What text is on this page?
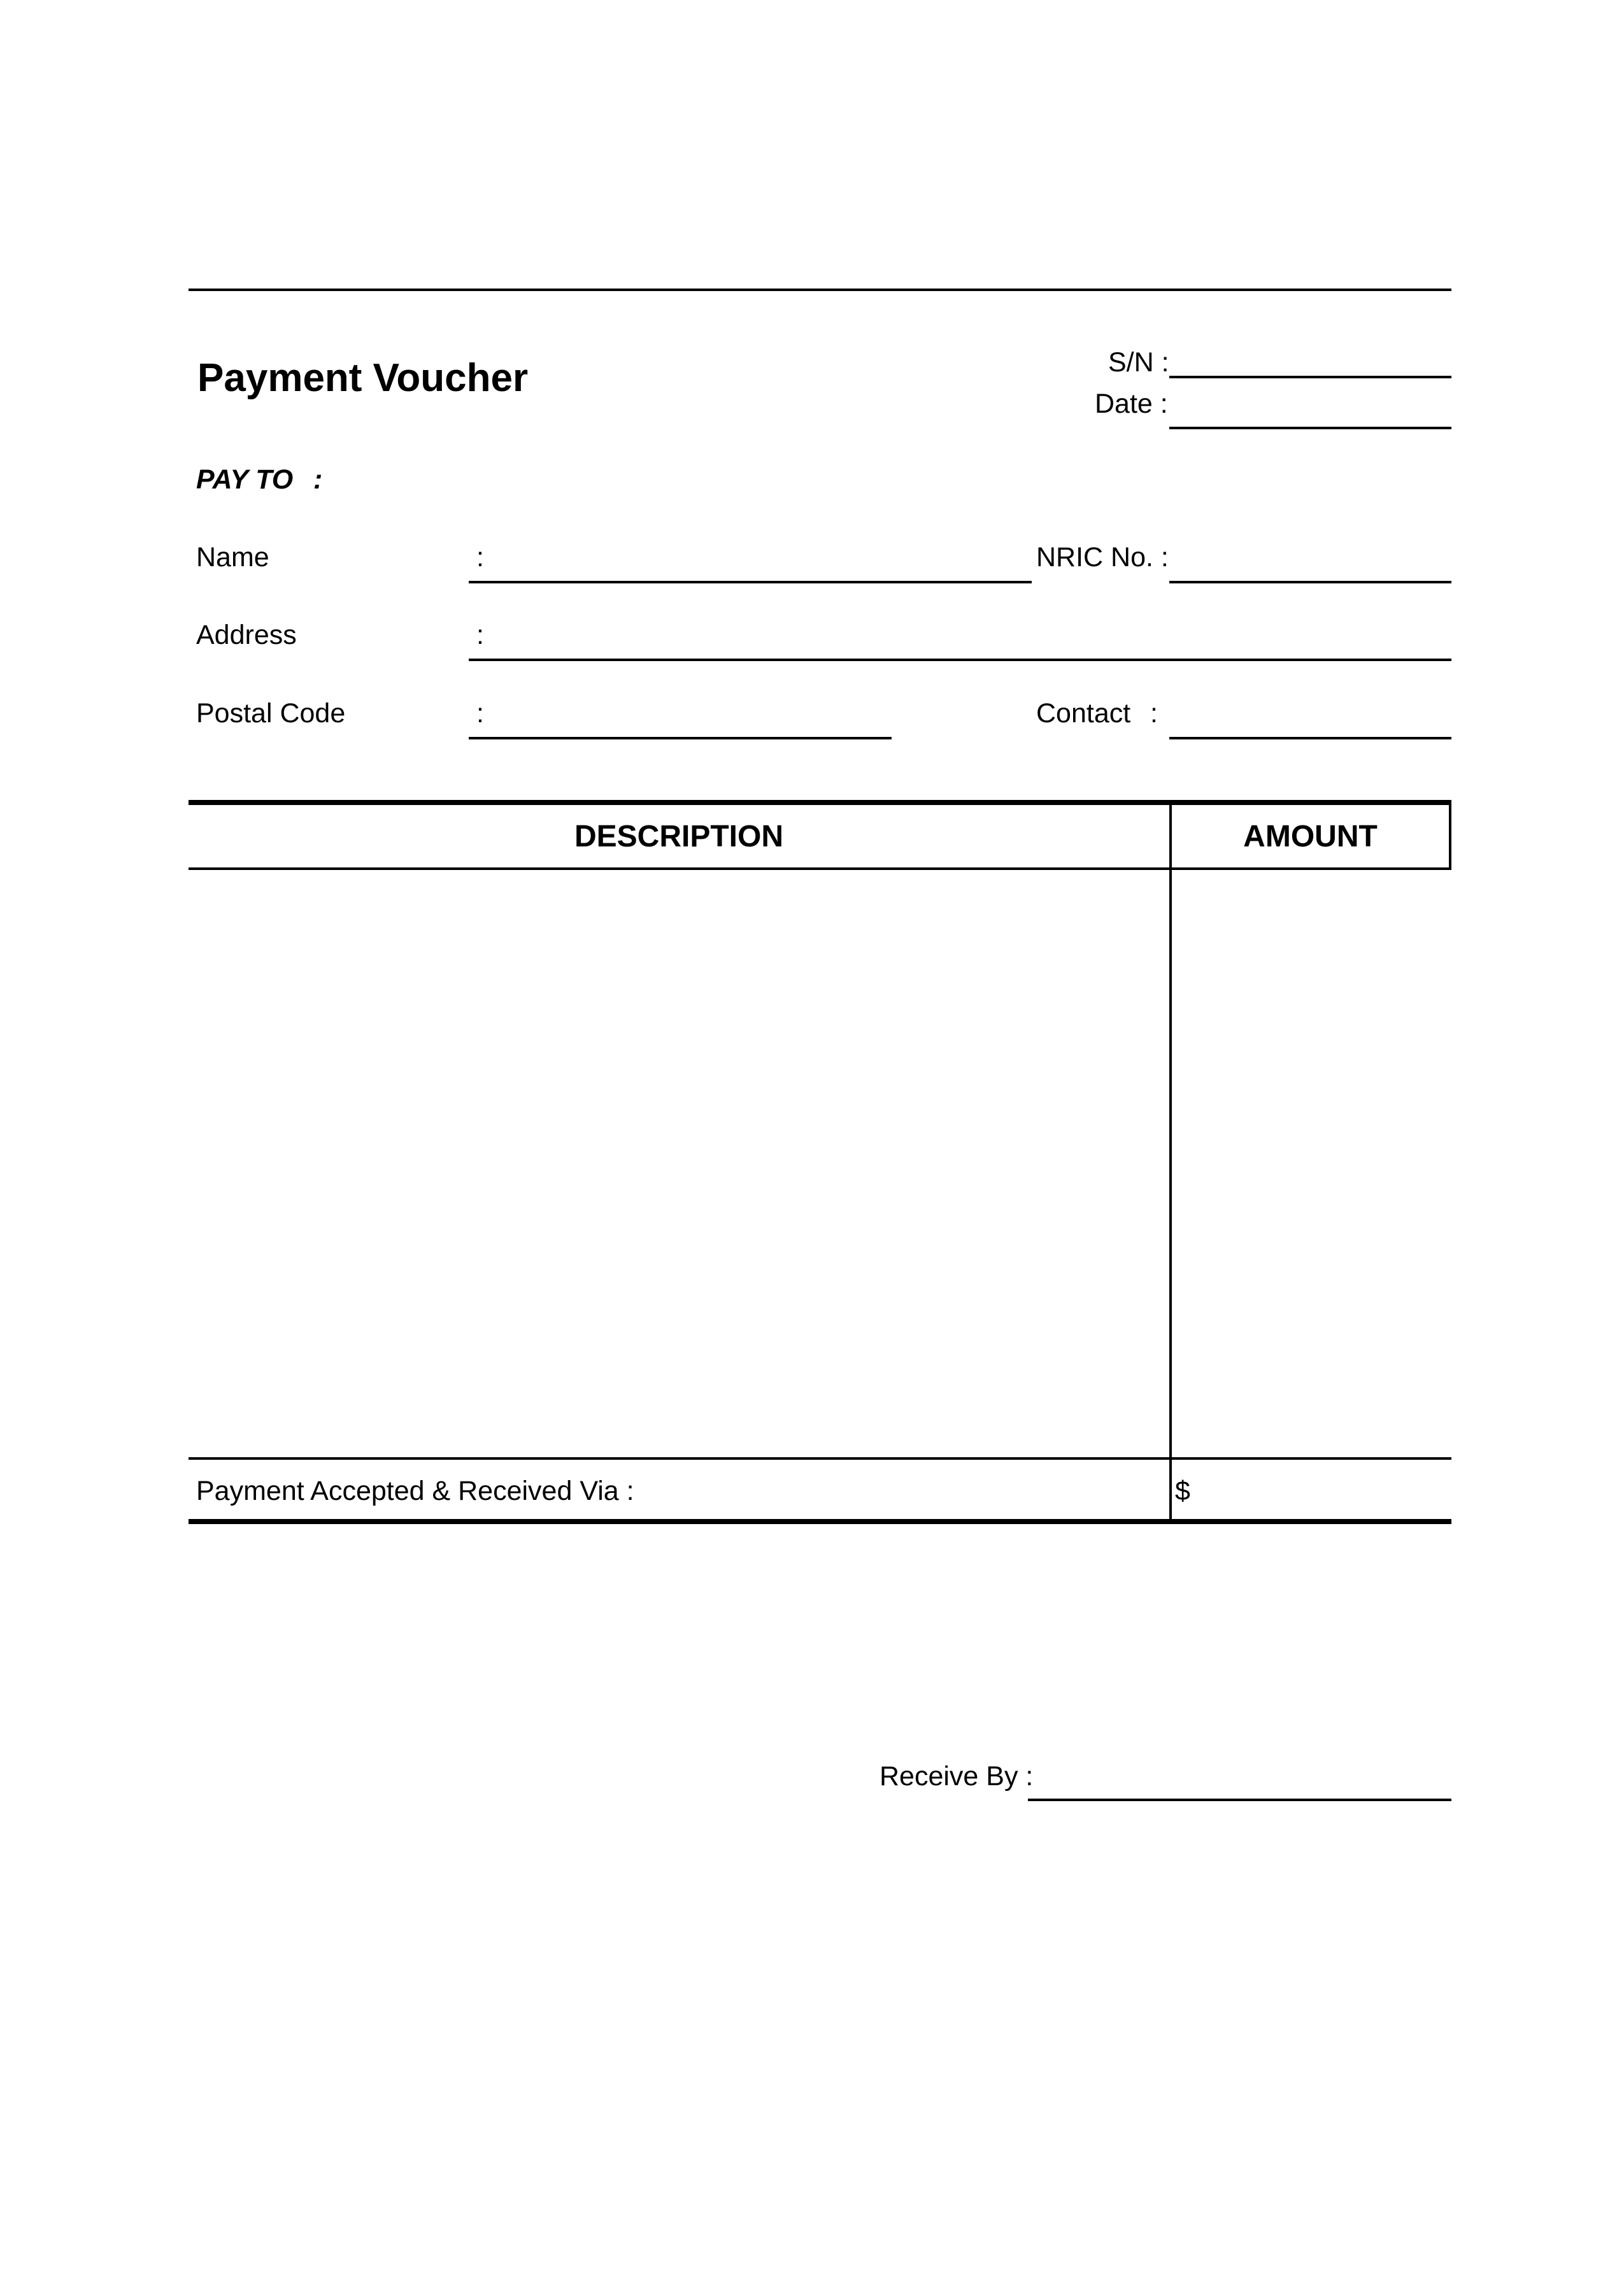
Payment Voucher	S/N :
Date :
PAY TO :
Name	:	NRIC No. :
Address	:
Postal Code	:	Contact :
DESCRIPTION	AMOUNT
Payment Accepted & Received Via :	$
Receive By :
